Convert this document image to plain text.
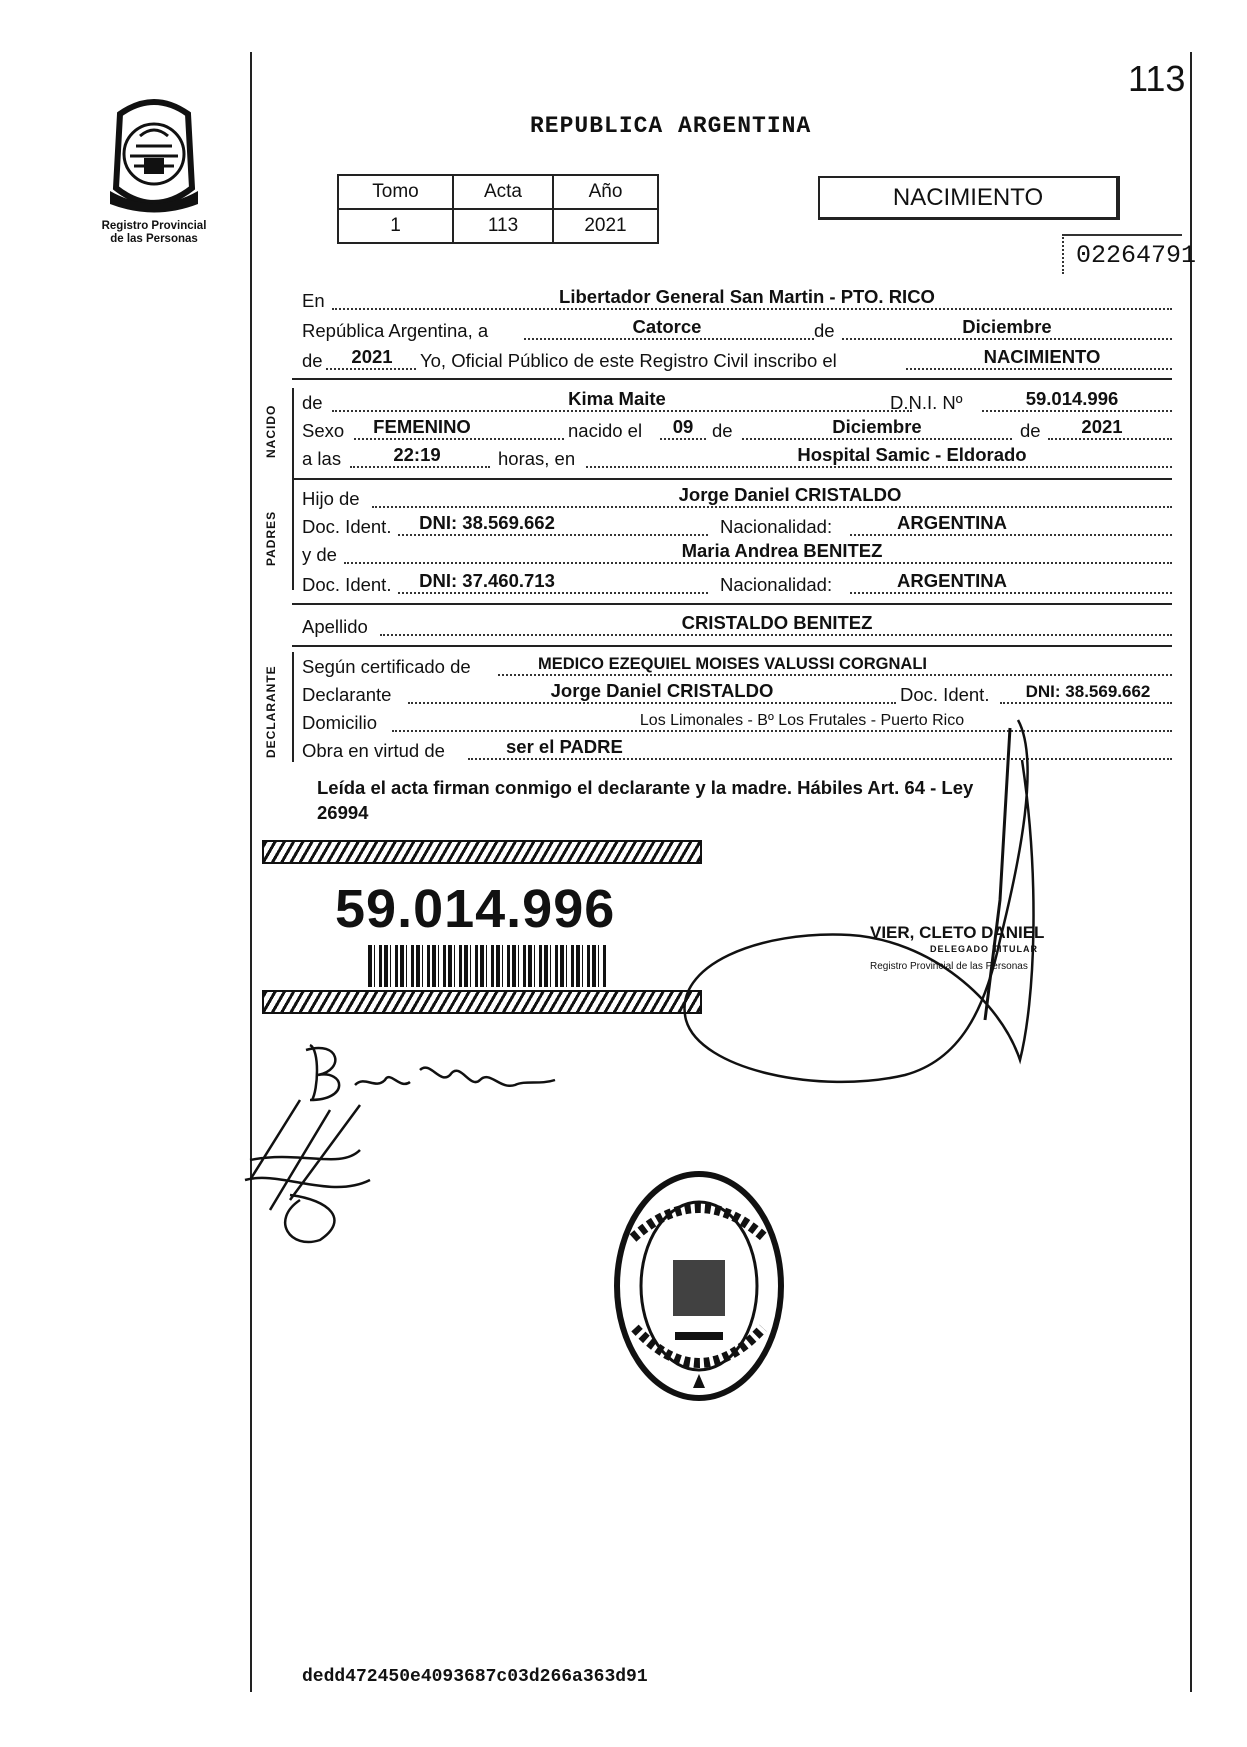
113
Registro Provincial
de las Personas
REPUBLICA ARGENTINA
Tomo	Acta	Año
1	113	2021
NACIMIENTO
02264791
En	Libertador General San Martin - PTO. RICO
República Argentina, a	Catorce	de	Diciembre
de 2021 Yo, Oficial Público de este Registro Civil inscribo el	NACIMIENTO
NACIDO
de	Kima Maite	D.N.I. Nº	59.014.996
Sexo FEMENINO	nacido el 09 de	Diciembre	de 2021
a las	22:19	horas, en	Hospital Samic - Eldorado
PADRES
Hijo de	Jorge Daniel CRISTALDO
Doc. Ident. DNI: 38.569.662	Nacionalidad:	ARGENTINA
y de	Maria Andrea BENITEZ
Doc. Ident. DNI: 37.460.713	Nacionalidad:	ARGENTINA
Apellido	CRISTALDO BENITEZ
DECLARANTE Según certificado de	MEDICO EZEQUIEL MOISES VALUSSI CORGNALI
Declarante	Jorge Daniel CRISTALDO	Doc. Ident. DNI: 38.569.662
Domicilio	Los Limonales - Bº Los Frutales - Puerto Rico
Obra en virtud de	ser el PADRE
Leída el acta firman conmigo el declarante y la madre. Hábiles Art. 64 - Ley
26994
59.014.996	VIER, CLETO DANIEL
DELEGADO TITULAR
Registro Provincial de las Personas
dedd472450e4093687c03d266a363d91
